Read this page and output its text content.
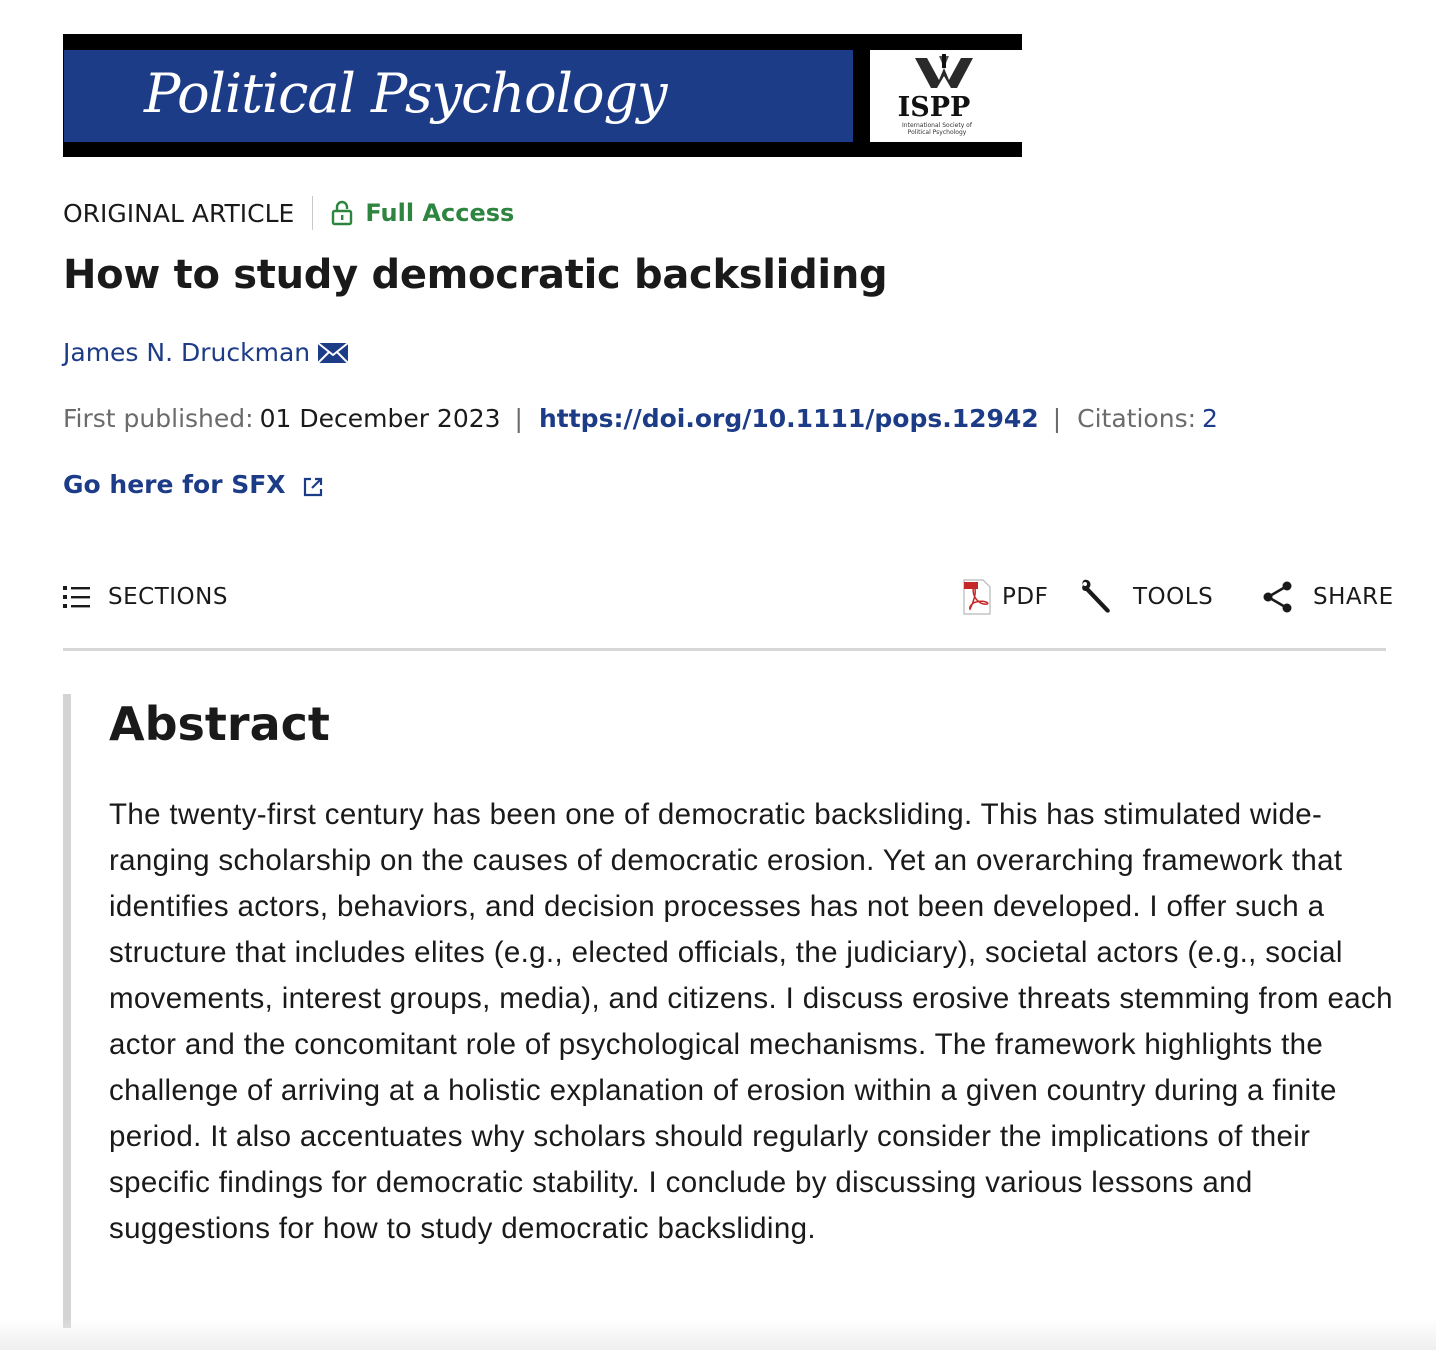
Political Psychology	ISPP
International Society of Political Psychology
ORIGINAL ARTICLE	Full Access
How to study democratic backsliding
James N. Druckman
First published: 01 December 2023 | https://doi.org/10.1111/pops.12942 | Citations: 2
Go here for SFX
SECTIONS	PDF	TOOLS	SHARE
Abstract

The twenty-first century has been one of democratic backsliding. This has stimulated wide-ranging scholarship on the causes of democratic erosion. Yet an overarching framework that identifies actors, behaviors, and decision processes has not been developed. I offer such a structure that includes elites (e.g., elected officials, the judiciary), societal actors (e.g., social movements, interest groups, media), and citizens. I discuss erosive threats stemming from each actor and the concomitant role of psychological mechanisms. The framework highlights the challenge of arriving at a holistic explanation of erosion within a given country during a finite period. It also accentuates why scholars should regularly consider the implications of their specific findings for democratic stability. I conclude by discussing various lessons and suggestions for how to study democratic backsliding.
